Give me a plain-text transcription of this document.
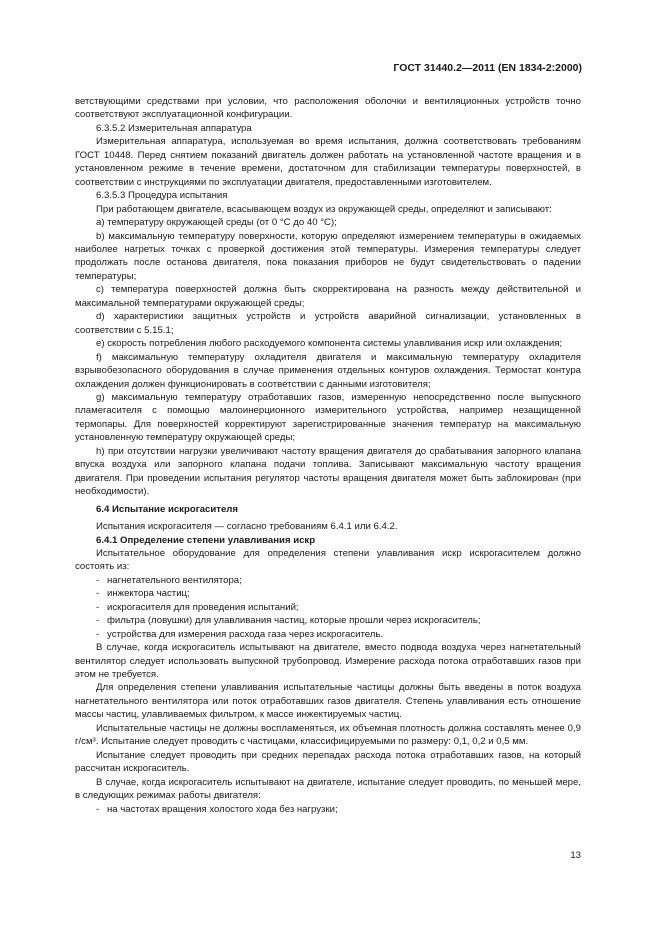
ГОСТ 31440.2—2011 (EN 1834-2:2000)

ветствующими средствами при условии, что расположения оболочки и вентиляционных устройств точно соответствуют эксплуатационной конфигурации.

6.3.5.2 Измерительная аппаратура

Измерительная аппаратура, используемая во время испытания, должна соответствовать требованиям ГОСТ 10448. Перед снятием показаний двигатель должен работать на установленной частоте вращения и в установленном режиме в течение времени, достаточном для стабилизации температуры поверхностей, в соответствии с инструкциями по эксплуатации двигателя, предоставленными изготовителем.

6.3.5.3 Процедура испытания

При работающем двигателе, всасывающем воздух из окружающей среды, определяют и записывают:

a) температуру окружающей среды (от 0 °С до 40 °С);

b) максимальную температуру поверхности, которую определяют измерением температуры в ожидаемых наиболее нагретых точках с проверкой достижения этой температуры. Измерения температуры следует продолжать после останова двигателя, пока показания приборов не будут свидетельствовать о падении температуры;

c) температура поверхностей должна быть скорректирована на разность между действительной и максимальной температурами окружающей среды;

d) характеристики защитных устройств и устройств аварийной сигнализации, установленных в соответствии с 5.15.1;

e) скорость потребления любого расходуемого компонента системы улавливания искр или охлаждения;

f) максимальную температуру охладителя двигателя и максимальную температуру охладителя взрывобезопасного оборудования в случае применения отдельных контуров охлаждения. Термостат контура охлаждения должен функционировать в соответствии с данными изготовителя;

g) максимальную температуру отработавших газов, измеренную непосредственно после выпускного пламегасителя с помощью малоинерционного измерительного устройства, например незащищенной термопары. Для поверхностей корректируют зарегистрированные значения температур на максимальную установленную температуру окружающей среды;

h) при отсутствии нагрузки увеличивают частоту вращения двигателя до срабатывания запорного клапана впуска воздуха или запорного клапана подачи топлива. Записывают максимальную частоту вращения двигателя. При проведении испытания регулятор частоты вращения двигателя может быть заблокирован (при необходимости).

6.4 Испытание искрогасителя

Испытания искрогасителя — согласно требованиям 6.4.1 или 6.4.2.

6.4.1 Определение степени улавливания искр

Испытательное оборудование для определения степени улавливания искр искрогасителем должно состоять из:

- нагнетательного вентилятора;

- инжектора частиц;

- искрогасителя для проведения испытаний;

- фильтра (ловушки) для улавливания частиц, которые прошли через искрогаситель;

- устройства для измерения расхода газа через искрогаситель.

В случае, когда искрогаситель испытывают на двигателе, вместо подвода воздуха через нагнетательный вентилятор следует использовать выпускной трубопровод. Измерение расхода потока отработавших газов при этом не требуется.

Для определения степени улавливания испытательные частицы должны быть введены в поток воздуха нагнетательного вентилятора или поток отработавших газов двигателя. Степень улавливания есть отношение массы частиц, улавливаемых фильтром, к массе инжектируемых частиц.

Испытательные частицы не должны воспламеняться, их объемная плотность должна составлять менее 0,9 г/см³. Испытание следует проводить с частицами, классифицируемыми по размеру: 0,1, 0,2 и 0,5 мм.

Испытание следует проводить при средних перепадах расхода потока отработавших газов, на который рассчитан искрогаситель.

В случае, когда искрогаситель испытывают на двигателе, испытание следует проводить, по меньшей мере, в следующих режимах работы двигателя:

- на частотах вращения холостого хода без нагрузки;

13
